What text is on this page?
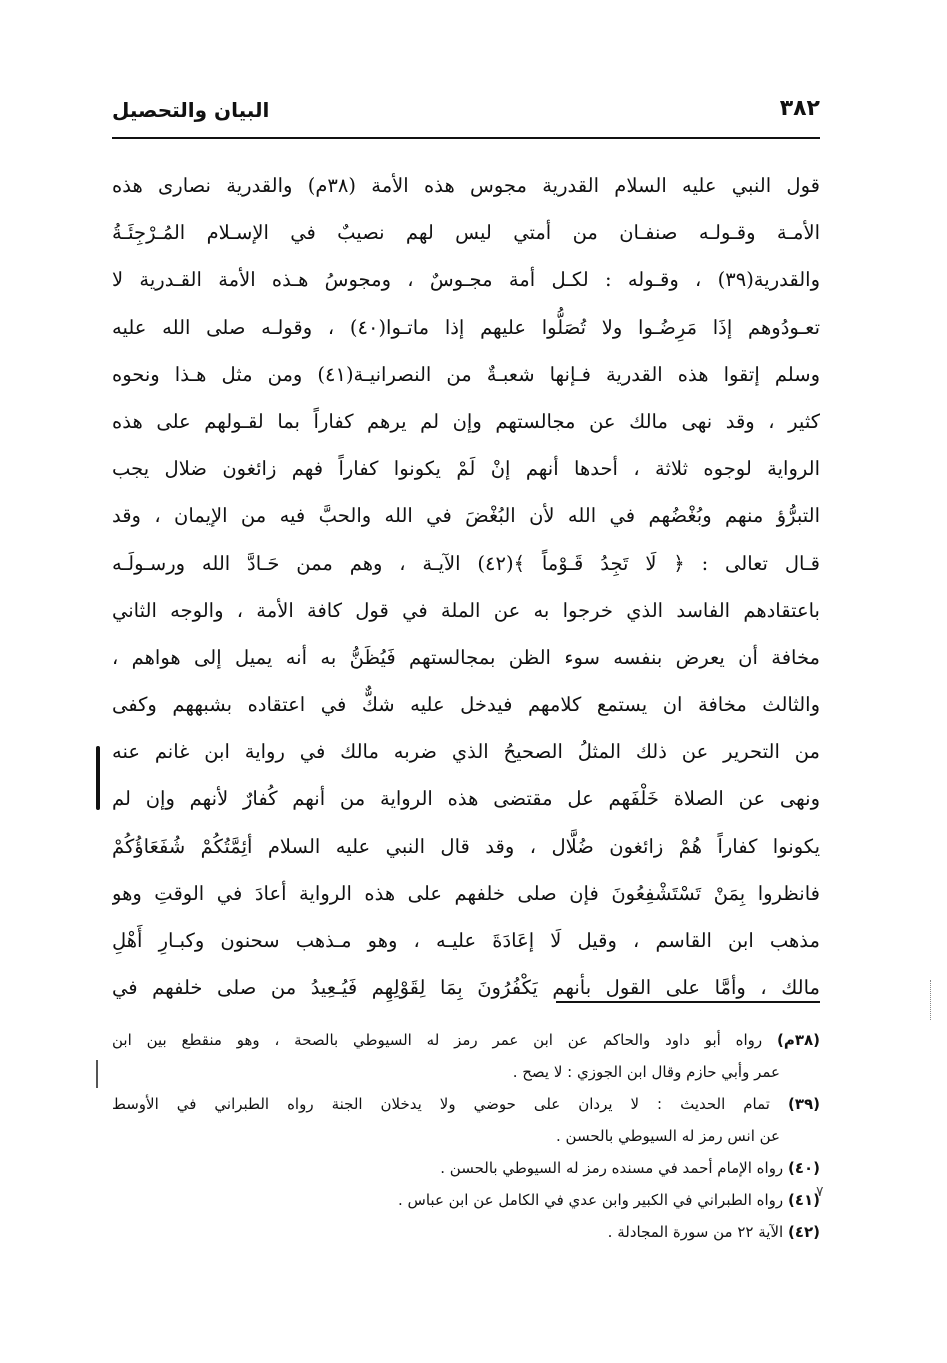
٣٨٢
البيان والتحصيل
قول النبي عليه السلام القدرية مجوس هذه الأمة (٣٨م) والقدرية نصارى هذه
الأمـة وقـولـه صنفـان من أمتي ليس لهم نصيبٌ في الإسـلام المُـرْجِئَـةُ
والقدرية(٣٩) ، وقـوله : لكـل أمة مجـوسٌ ، ومجوسُ هـذه الأمة القـدرية لا
تعـودُوهم إذَا مَرِضُـوا ولا تُصَلُّوا عليهم إذا ماتـوا(٤٠) ، وقولـه صلى الله عليه
وسلم إتقوا هذه القدرية فـإنها شعبـةٌ من النصرانيـة(٤١) ومن مثل هـذا ونحوه
كثير ، وقد نهى مالك عن مجالستهم وإن لم يرهم كفاراً بما لقـولهم على هذه
الرواية لوجوه ثلاثة ، أحدها أنهم إنْ لَمْ يكونوا كفاراً فهم زائغون ضلال يجب
التبرُّؤ منهم وبُغْضُهم في الله لأن البُغْضَ في الله والحبَّ فيه من الإيمان ، وقد
قـال تعالى : ﴿ لَا تَجِدُ قَـوْماً ﴾(٤٢) الآيـة ، وهم ممن حَـادَّ الله ورسـولَـه
باعتقادهم الفاسد الذي خرجوا به عن الملة في قول كافة الأمة ، والوجه الثاني
مخافة أن يعرض بنفسه سوء الظن بمجالستهم فَيُظَنُّ به أنه يميل إلى هواهم ،
والثالث مخافة ان يستمع كلامهم فيدخل عليه شكٌّ في اعتقاده بشبههم وكفى
من التحرير عن ذلك المثلُ الصحيحُ الذي ضربه مالك في رواية ابن غانم عنه
ونهى عن الصلاة خَلْفَهم عل مقتضى هذه الرواية من أنهم كُفارٌ لأنهم وإن لم
يكونوا كفاراً هُمْ زائغون ضُلَّال ، وقد قال النبي عليه السلام أئِمَّتُكُمْ شُفَعَاؤُكُمْ
فانظروا بِمَنْ تَسْتَشْفِعُونَ فإن صلى خلفهم على هذه الرواية أعادَ في الوقتِ وهو
مذهب ابن القاسم ، وقيل لَا إعَادَةَ عليـه ، وهو مـذهب سحنون وكبـارِ أَهْلِ
مالك ، وأمَّا على القول بأنهم يَكْفُرُونَ بِمَا لِقَوْلِهِم فَيُـعِيدُ من صلى خلفهم في
٧
(٣٨م) رواه أبو داود والحاكم عن ابن عمر رمز له السيوطي بالصحة ، وهو منقطع بين ابن
عمر وأبي حازم وقال ابن الجوزي : لا يصح .
(٣٩) تمام الحديث : لا يردان على حوضي ولا يدخلان الجنة رواه الطبراني في الأوسط
عن انس رمز له السيوطي بالحسن .
(٤٠) رواه الإمام أحمد في مسنده رمز له السيوطي بالحسن .
(٤١) رواه الطبراني في الكبير وابن عدي في الكامل عن ابن عباس .
(٤٢) الآية ٢٢ من سورة المجادلة .
